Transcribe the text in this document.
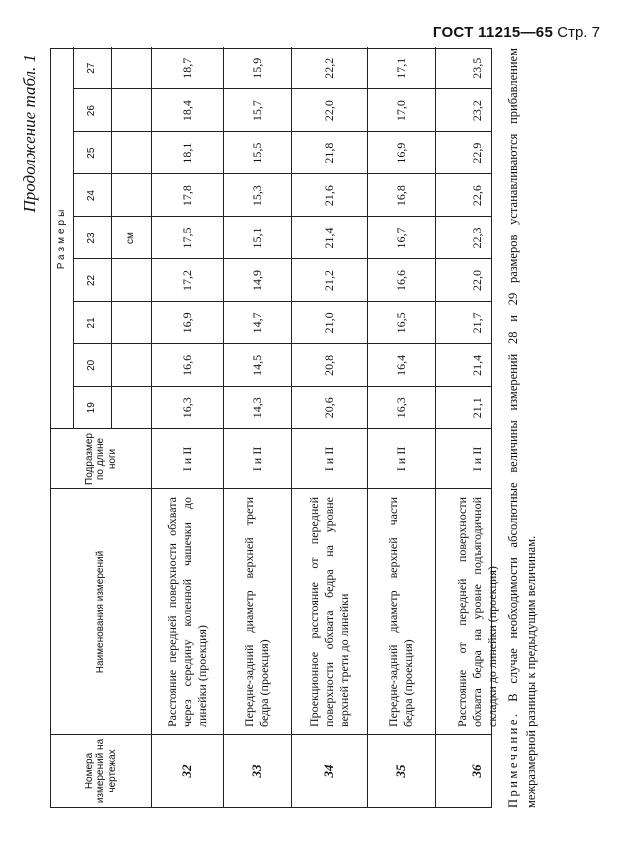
ГОСТ 11215—65 Стр. 7
Продолжение табл. 1
Номера измерений на чертежах
Наименования измерений
Подразмер по длине ноги
Размеры
19
20
21
22
23
24
25
26
27
см
32
Расстояние передней поверхности обхвата через середину коленной чашечки до линейки (проекция)
I и II
16,3
16,6
16,9
17,2
17,5
17,8
18,1
18,4
18,7
33
Передне-задний диаметр верхней трети бедра (проекция)
I и II
14,3
14,5
14,7
14,9
15,1
15,3
15,5
15,7
15,9
34
Проекционное расстояние от передней поверхности обхвата бедра на уровне верхней трети до линейки
I и II
20,6
20,8
21,0
21,2
21,4
21,6
21,8
22,0
22,2
35
Передне-задний диаметр верхней части бедра (проекция)
I и II
16,3
16,4
16,5
16,6
16,7
16,8
16,9
17,0
17,1
36
Расстояние от передней поверхности обхвата бедра на уровне подъягодичной складки до линейки (проекция)
I и II
21,1
21,4
21,7
22,0
22,3
22,6
22,9
23,2
23,5
Примечание. В случае необходимости абсолютные величины измерений 28 и 29 размеров устанавливаются прибавлением межразмерной разницы к предыдущим величинам.
